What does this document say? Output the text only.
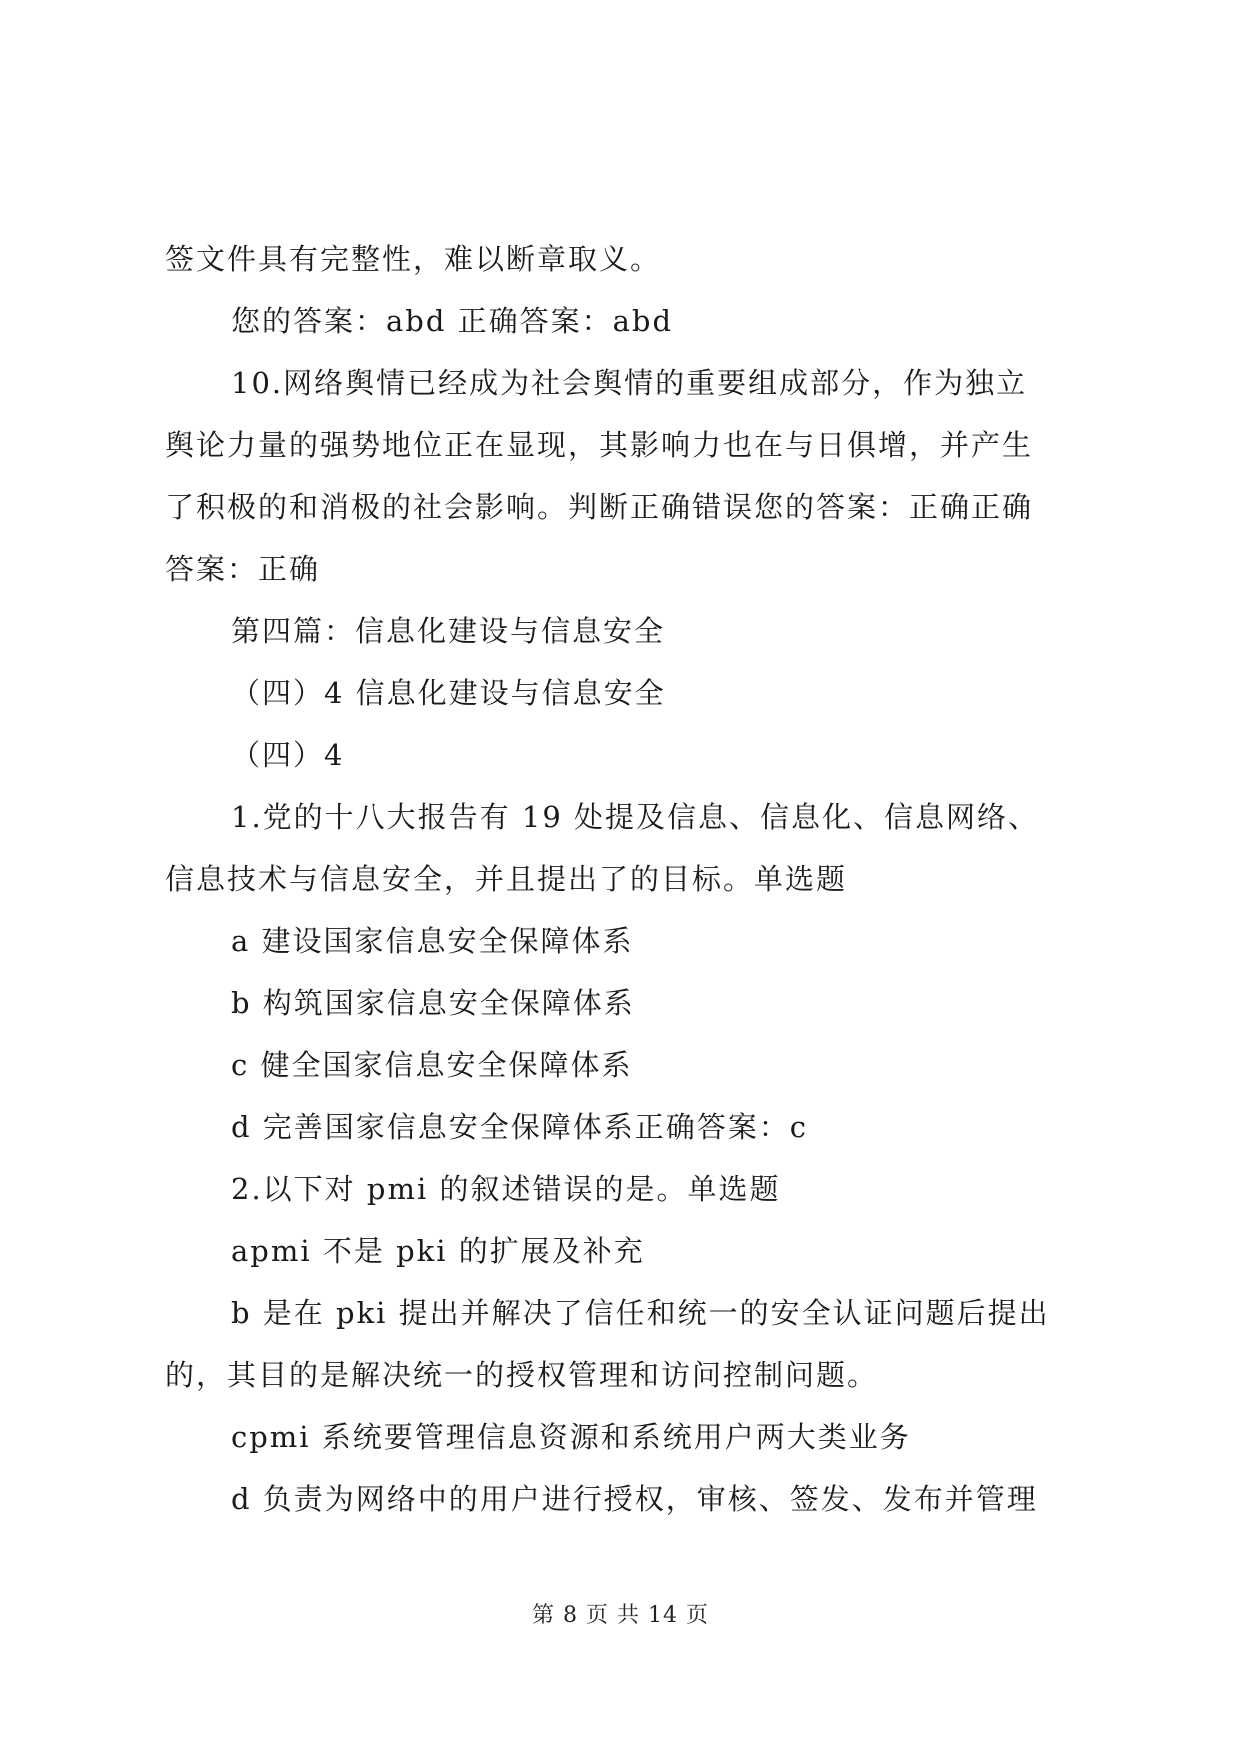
签文件具有完整性，难以断章取义。

您的答案：abd 正确答案：abd

10.网络舆情已经成为社会舆情的重要组成部分，作为独立

舆论力量的强势地位正在显现，其影响力也在与日俱增，并产生

了积极的和消极的社会影响。判断正确错误您的答案：正确正确

答案：正确

第四篇：信息化建设与信息安全

（四）4 信息化建设与信息安全

（四）4

1.党的十八大报告有 19 处提及信息、信息化、信息网络、

信息技术与信息安全，并且提出了的目标。单选题

a 建设国家信息安全保障体系

b 构筑国家信息安全保障体系

c 健全国家信息安全保障体系

d 完善国家信息安全保障体系正确答案：c

2.以下对 pmi 的叙述错误的是。单选题

apmi 不是 pki 的扩展及补充

b 是在 pki 提出并解决了信任和统一的安全认证问题后提出

的，其目的是解决统一的授权管理和访问控制问题。

cpmi 系统要管理信息资源和系统用户两大类业务

d 负责为网络中的用户进行授权，审核、签发、发布并管理

第 8 页 共 14 页
